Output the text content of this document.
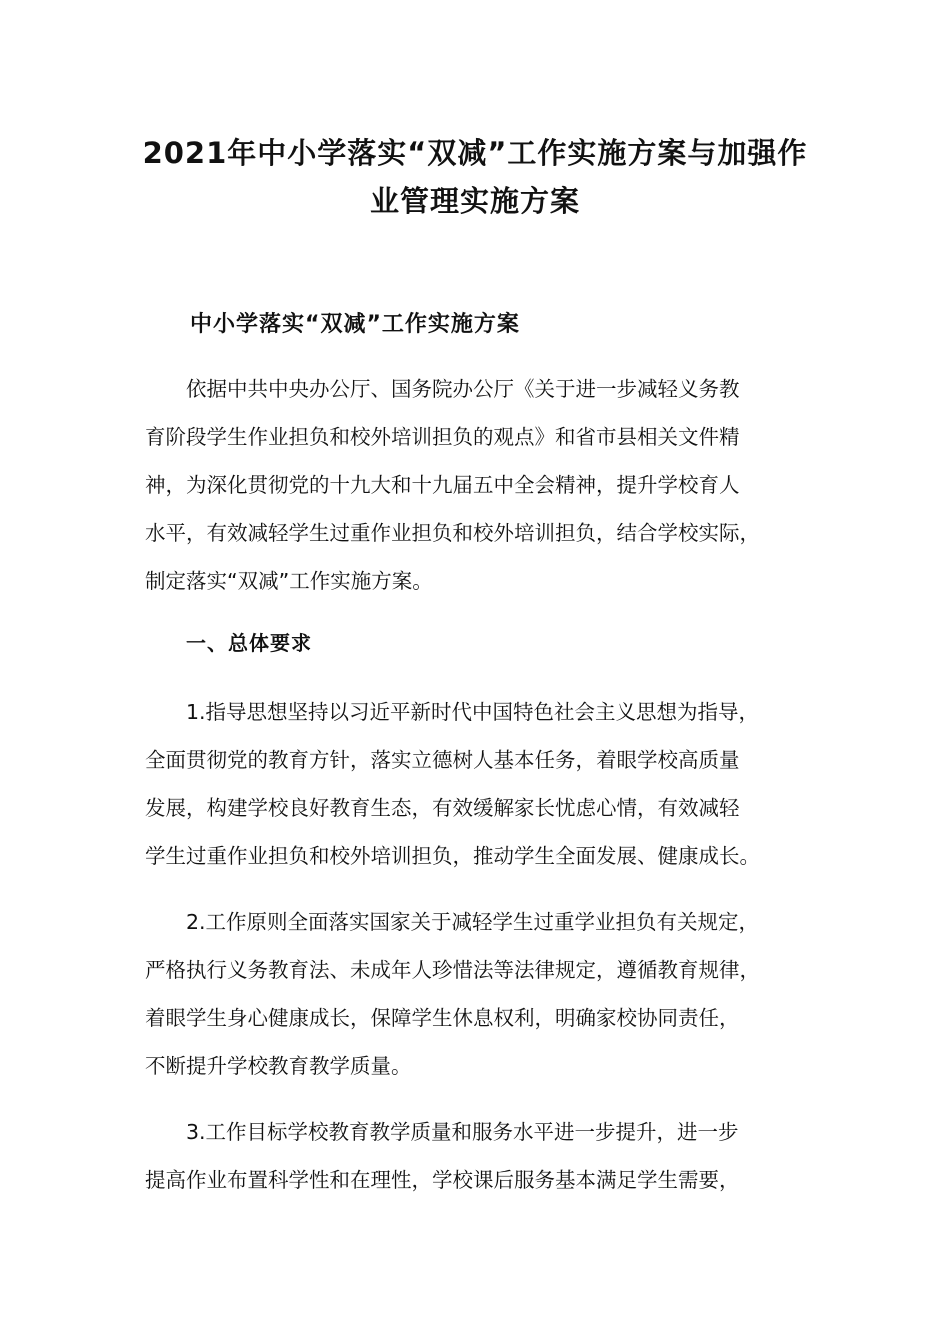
2021年中小学落实“双减”工作实施方案与加强作
业管理实施方案
中小学落实“双减”工作实施方案
依据中共中央办公厅、国务院办公厅《关于进一步减轻义务教
育阶段学生作业担负和校外培训担负的观点》和省市县相关文件精
神，为深化贯彻党的十九大和十九届五中全会精神，提升学校育人
水平，有效减轻学生过重作业担负和校外培训担负，结合学校实际，
制定落实“双减”工作实施方案。
一、总体要求
1.指导思想坚持以习近平新时代中国特色社会主义思想为指导，
全面贯彻党的教育方针，落实立德树人基本任务，着眼学校高质量
发展，构建学校良好教育生态，有效缓解家长忧虑心情，有效减轻
学生过重作业担负和校外培训担负，推动学生全面发展、健康成长。
2.工作原则全面落实国家关于减轻学生过重学业担负有关规定，
严格执行义务教育法、未成年人珍惜法等法律规定，遵循教育规律，
着眼学生身心健康成长，保障学生休息权利，明确家校协同责任，
不断提升学校教育教学质量。
3.工作目标学校教育教学质量和服务水平进一步提升，进一步
提高作业布置科学性和在理性，学校课后服务基本满足学生需要，
